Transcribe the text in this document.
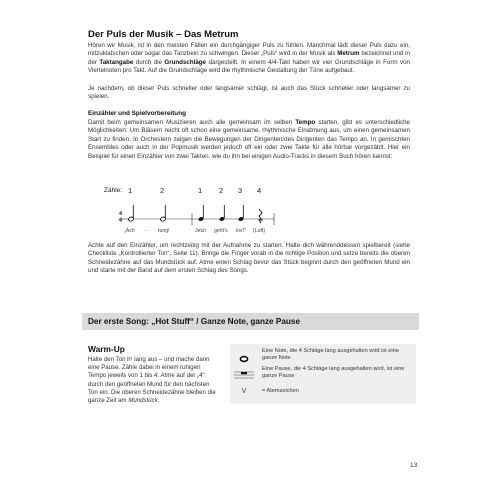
Der Puls der Musik – Das Metrum

Hören wir Musik, ist in den meisten Fällen ein durchgängiger Puls zu fühlen. Manchmal lädt dieser Puls dazu ein, mitzuklatschen oder sogar das Tanzbein zu schwingen. Dieser „Puls“ wird in der Musik als Metrum bezeichnet und in der Taktangabe durch die Grundschläge dargestellt. In einem 4/4-Takt haben wir vier Grundschläge in Form von Viertelnoten pro Takt. Auf die Grundschläge wird die rhythmische Gestaltung der Töne aufgebaut.

Je nachdem, ob dieser Puls schneller oder langsamer schlägt, ist auch das Stück schneller oder langsamer zu spielen.

Einzähler und Spielvorbereitung

Damit beim gemeinsamen Musizieren auch alle gemeinsam im selben Tempo starten, gibt es unterschiedliche Möglichkeiten: Um Bläsern reicht oft schon eine gemeinsame, rhythmische Einatmung aus, um einen gemeinsamen Start zu finden. In Orchestern zeigen die Bewegungen der Dirigenten/des Dirigenten das Tempo an. In gemischten Ensembles oder auch in der Popmusik werden jedoch oft ein oder zwei Takte für alle hörbar vorgezählt. Hier ein Beispiel für einen Einzähler von zwei Takten, wie du ihn bei einigen Audio-Tracks in diesem Buch hören kannst:

Zähle: 1	2	1 2 3 4
4
4
„Ach - tung!	Jetzt geht's los!" (Luft)

Achte auf den Einzähler, um rechtzeitig mit der Aufnahme zu starten. Halte dich währenddessen spielbereit (siehe Checkliste „Kontrollierter Ton“, Seite 11). Bringe die Finger vorab in die richtige Position und setze bereits die oberen Schneidezähne auf das Mundstück auf. Atme einen Schlag bevor das Stück beginnt durch den geöffneten Mund ein und starte mit der Band auf dem ersten Schlag des Songs.

Der erste Song: „Hot Stuff“ / Ganze Note, ganze Pause
Warm-Up

Halte den Ton h¹ lang aus – und mache dann eine Pause. Zähle dabei in einem ruhigen Tempo jeweils von 1 bis 4. Atme auf der „4“ durch den geöffneten Mund für den nächsten Ton ein. Die oberen Schneidezähne bleiben die ganze Zeit am Mundstück.

Eine Note, die 4 Schläge lang ausgehalten wird ist eine ganze Note
Eine Pause, die 4 Schläge lang ausgehalten wird, ist eine ganze Pause
V	= Atemzeichen
13
